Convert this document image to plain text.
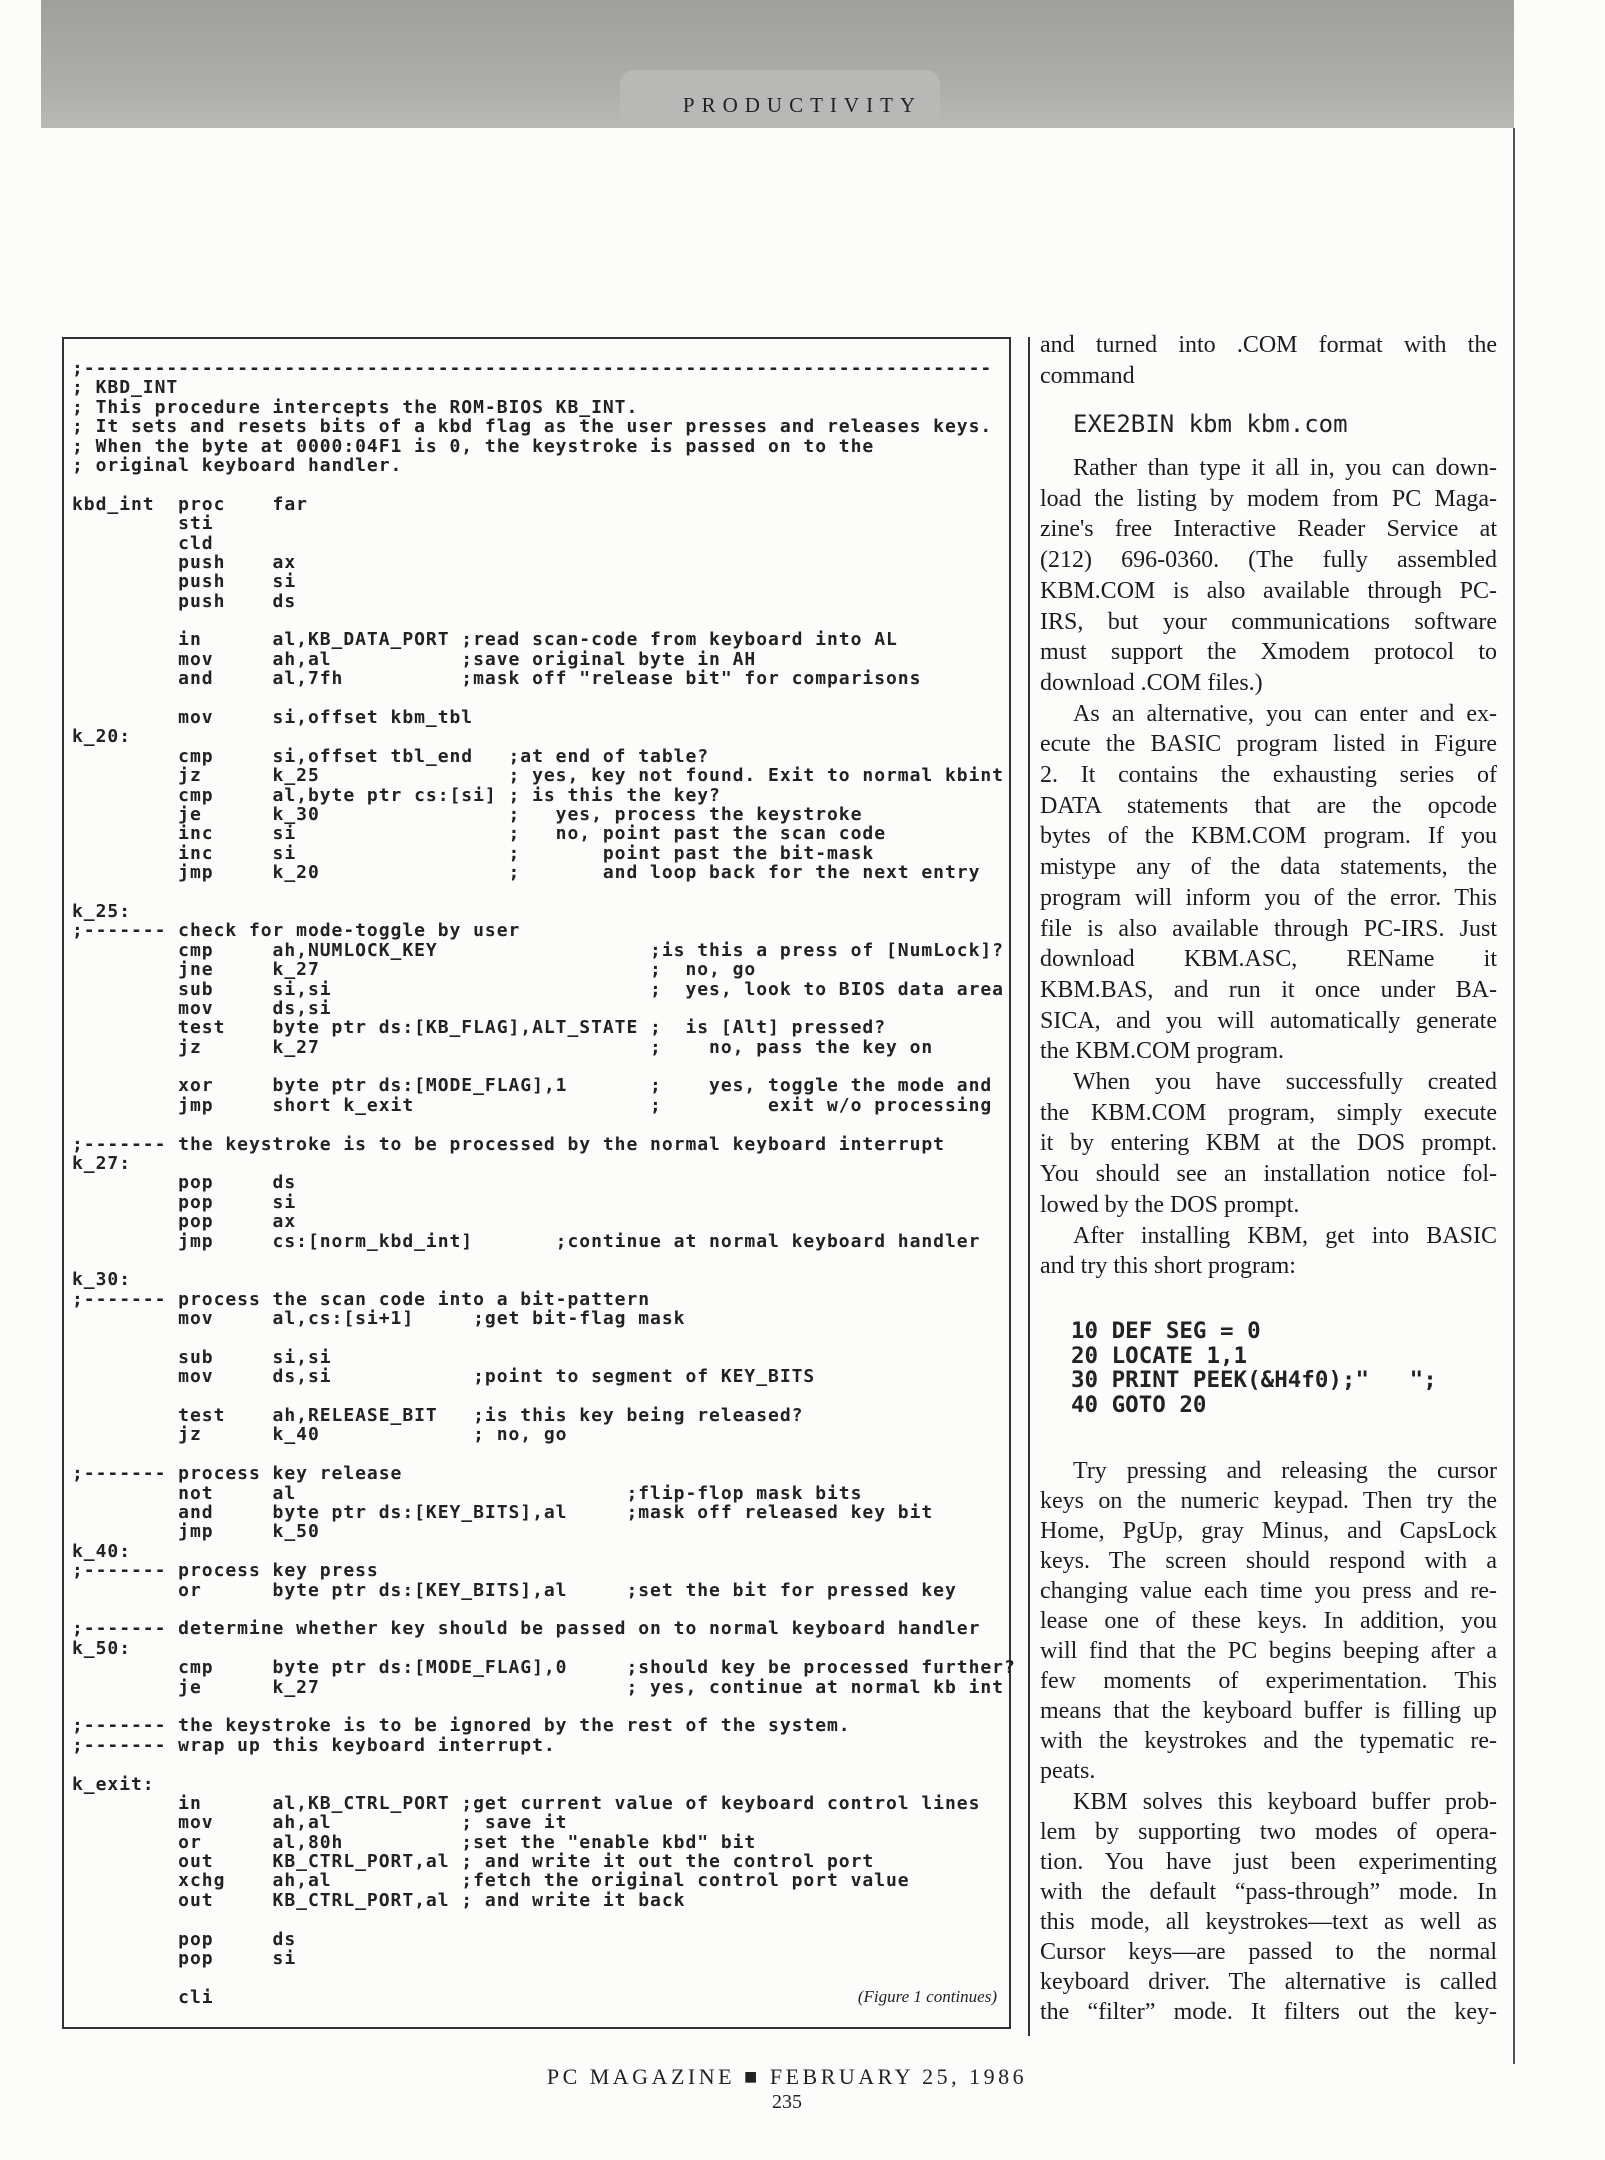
PRODUCTIVITY
;-----------------------------------------------------------------------------
; KBD_INT
; This procedure intercepts the ROM-BIOS KB_INT.
; It sets and resets bits of a kbd flag as the user presses and releases keys.
; When the byte at 0000:04F1 is 0, the keystroke is passed on to the
; original keyboard handler.
kbd_int  proc    far
sti
cld
push    ax
push    si
push    ds
in      al,KB_DATA_PORT ;read scan-code from keyboard into AL
mov     ah,al           ;save original byte in AH
and     al,7fh          ;mask off "release bit" for comparisons
mov     si,offset kbm_tbl
k_20:
cmp     si,offset tbl_end   ;at end of table?
jz      k_25                ; yes, key not found. Exit to normal kbint
cmp     al,byte ptr cs:[si] ; is this the key?
je      k_30                ;   yes, process the keystroke
inc     si                  ;   no, point past the scan code
inc     si                  ;       point past the bit-mask
jmp     k_20                ;       and loop back for the next entry
k_25:
;------- check for mode-toggle by user
cmp     ah,NUMLOCK_KEY                  ;is this a press of [NumLock]?
jne     k_27                            ;  no, go
sub     si,si                           ;  yes, look to BIOS data area
mov     ds,si
test    byte ptr ds:[KB_FLAG],ALT_STATE ;  is [Alt] pressed?
jz      k_27                            ;    no, pass the key on
xor     byte ptr ds:[MODE_FLAG],1       ;    yes, toggle the mode and
jmp     short k_exit                    ;         exit w/o processing
;------- the keystroke is to be processed by the normal keyboard interrupt
k_27:
pop     ds
pop     si
pop     ax
jmp     cs:[norm_kbd_int]       ;continue at normal keyboard handler
k_30:
;------- process the scan code into a bit-pattern
mov     al,cs:[si+1]     ;get bit-flag mask
sub     si,si
mov     ds,si            ;point to segment of KEY_BITS
test    ah,RELEASE_BIT   ;is this key being released?
jz      k_40             ; no, go
;------- process key release
not     al                            ;flip-flop mask bits
and     byte ptr ds:[KEY_BITS],al     ;mask off released key bit
jmp     k_50
k_40:
;------- process key press
or      byte ptr ds:[KEY_BITS],al     ;set the bit for pressed key
;------- determine whether key should be passed on to normal keyboard handler
k_50:
cmp     byte ptr ds:[MODE_FLAG],0     ;should key be processed further?
je      k_27                          ; yes, continue at normal kb int
;------- the keystroke is to be ignored by the rest of the system.
;------- wrap up this keyboard interrupt.
k_exit:
in      al,KB_CTRL_PORT ;get current value of keyboard control lines
mov     ah,al           ; save it
or      al,80h          ;set the "enable kbd" bit
out     KB_CTRL_PORT,al ; and write it out the control port
xchg    ah,al           ;fetch the original control port value
out     KB_CTRL_PORT,al ; and write it back
pop     ds
pop     si
cli	(Figure 1 continues)
and turned into .COM format with the
command
EXE2BIN kbm kbm.com
Rather than type it all in, you can down-
load the listing by modem from PC Maga-
zine's free Interactive Reader Service at
(212) 696-0360. (The fully assembled
KBM.COM is also available through PC-
IRS, but your communications software
must support the Xmodem protocol to
download .COM files.)
As an alternative, you can enter and ex-
ecute the BASIC program listed in Figure
2. It contains the exhausting series of
DATA statements that are the opcode
bytes of the KBM.COM program. If you
mistype any of the data statements, the
program will inform you of the error. This
file is also available through PC-IRS. Just
download KBM.ASC, REName it
KBM.BAS, and run it once under BA-
SICA, and you will automatically generate
the KBM.COM program.
When you have successfully created
the KBM.COM program, simply execute
it by entering KBM at the DOS prompt.
You should see an installation notice fol-
lowed by the DOS prompt.
After installing KBM, get into BASIC
and try this short program:
10 DEF SEG = 0
20 LOCATE 1,1
30 PRINT PEEK(&H4f0);"   ";
40 GOTO 20
Try pressing and releasing the cursor
keys on the numeric keypad. Then try the
Home, PgUp, gray Minus, and CapsLock
keys. The screen should respond with a
changing value each time you press and re-
lease one of these keys. In addition, you
will find that the PC begins beeping after a
few moments of experimentation. This
means that the keyboard buffer is filling up
with the keystrokes and the typematic re-
peats.
KBM solves this keyboard buffer prob-
lem by supporting two modes of opera-
tion. You have just been experimenting
with the default “pass-through” mode. In
this mode, all keystrokes—text as well as
Cursor keys—are passed to the normal
keyboard driver. The alternative is called
the “filter” mode. It filters out the key-
PC MAGAZINE ■ FEBRUARY 25, 1986
235
